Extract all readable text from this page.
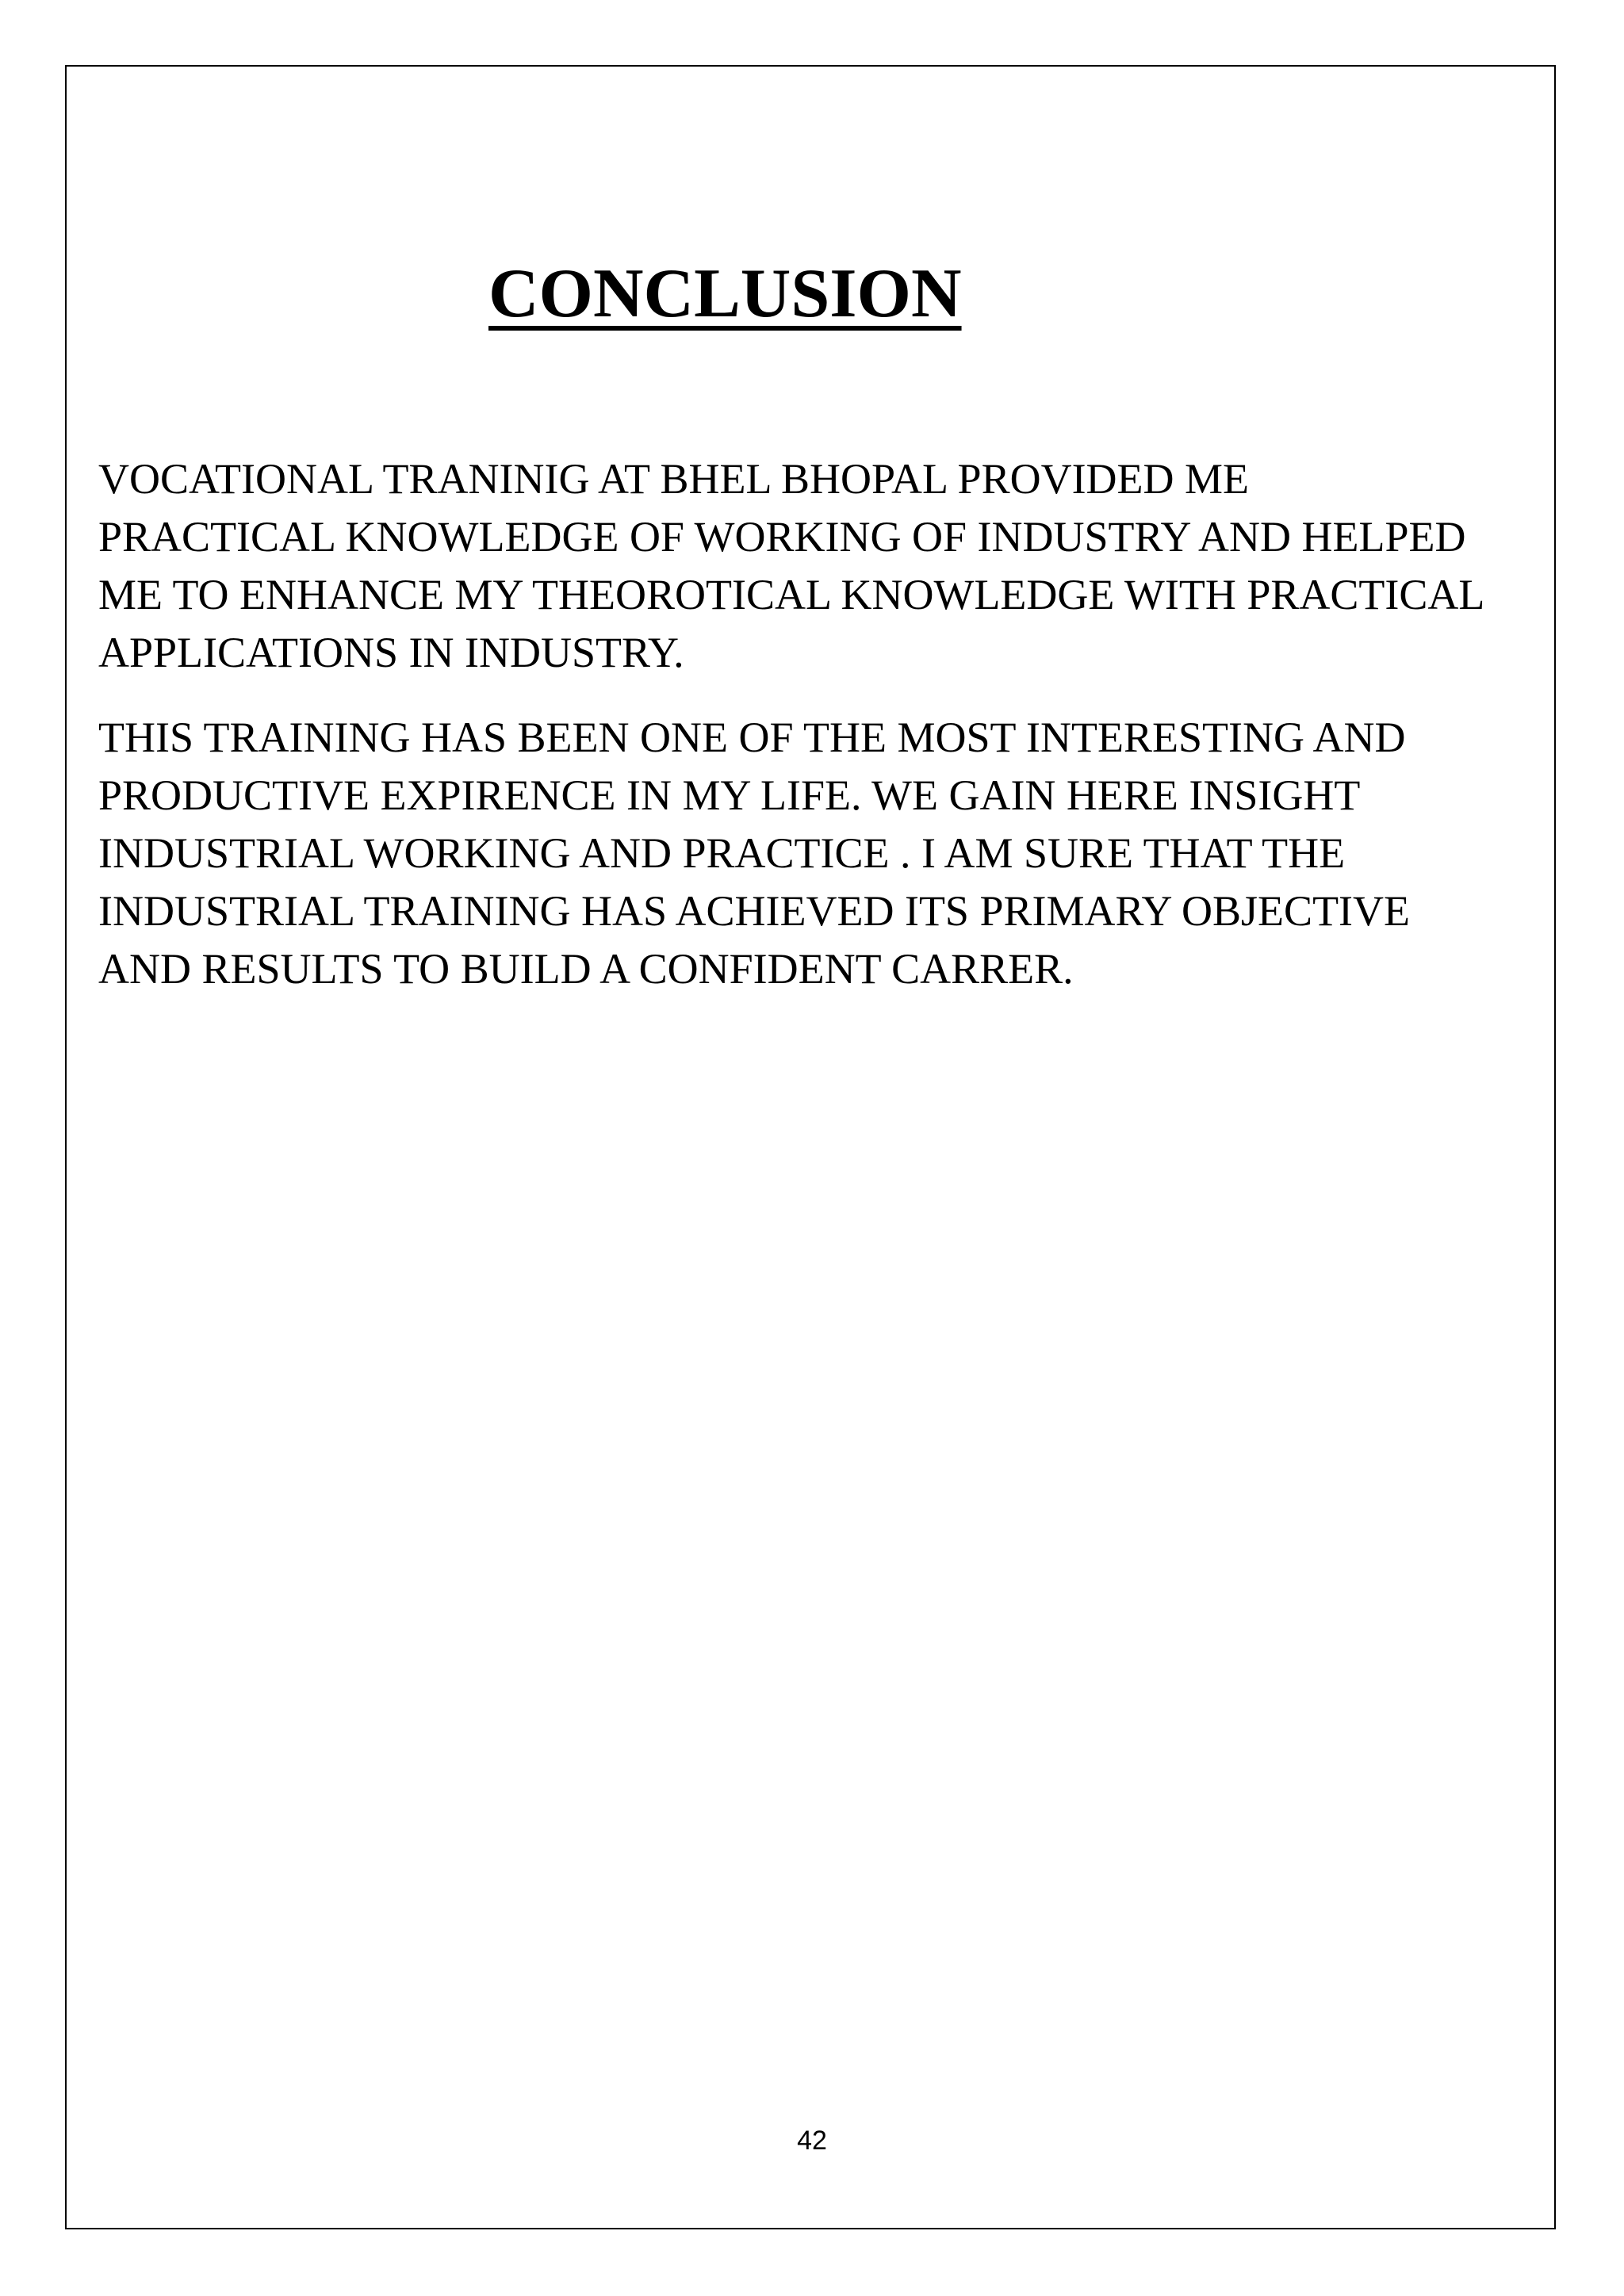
CONCLUSION

VOCATIONAL TRANINIG AT BHEL BHOPAL PROVIDED ME
PRACTICAL KNOWLEDGE OF WORKING OF INDUSTRY AND HELPED
ME TO ENHANCE MY THEOROTICAL KNOWLEDGE WITH PRACTICAL
APPLICATIONS IN INDUSTRY.

THIS TRAINING HAS BEEN ONE OF THE MOST INTERESTING AND
PRODUCTIVE EXPIRENCE IN MY LIFE. WE GAIN HERE INSIGHT
INDUSTRIAL WORKING AND PRACTICE . I AM SURE THAT THE
INDUSTRIAL TRAINING HAS ACHIEVED ITS PRIMARY OBJECTIVE
AND RESULTS TO BUILD A CONFIDENT CARRER.

42
